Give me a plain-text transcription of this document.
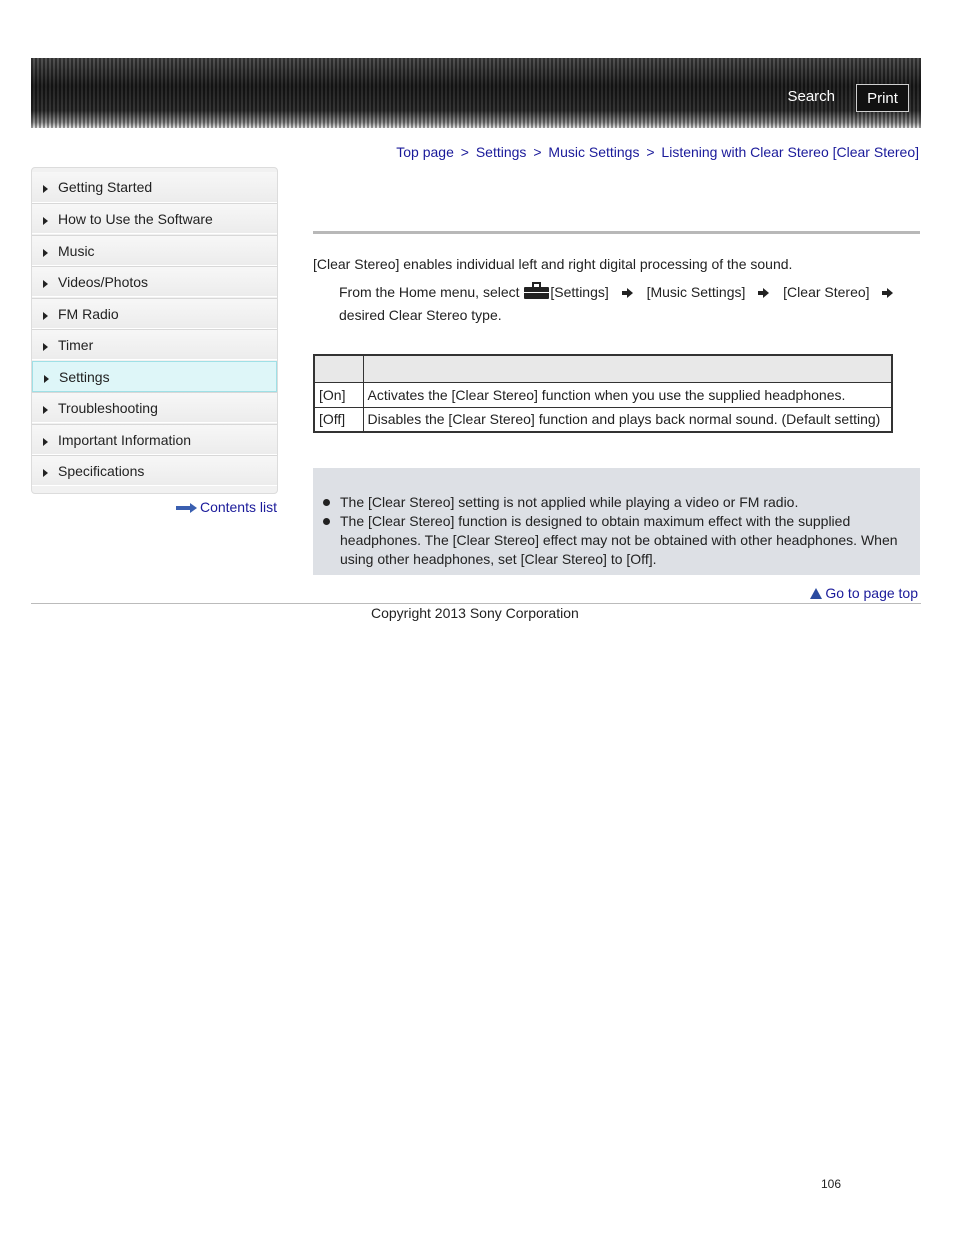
Search	Print
Top page > Settings > Music Settings > Listening with Clear Stereo [Clear Stereo]
Getting Started
How to Use the Software
Music
Videos/Photos
FM Radio
Timer
Settings
Troubleshooting
Important Information
Specifications
Contents list
[Clear Stereo] enables individual left and right digital processing of the sound.
From the Home menu, select [Settings]	[Music Settings]	[Clear Stereo]
desired Clear Stereo type.

[On]	Activates the [Clear Stereo] function when you use the supplied headphones.
[Off]	Disables the [Clear Stereo] function and plays back normal sound. (Default setting)
The [Clear Stereo] setting is not applied while playing a video or FM radio.
The [Clear Stereo] function is designed to obtain maximum effect with the supplied headphones. The [Clear Stereo] effect may not be obtained with other headphones. When using other headphones, set [Clear Stereo] to [Off].
Go to page top
Copyright 2013 Sony Corporation
106
